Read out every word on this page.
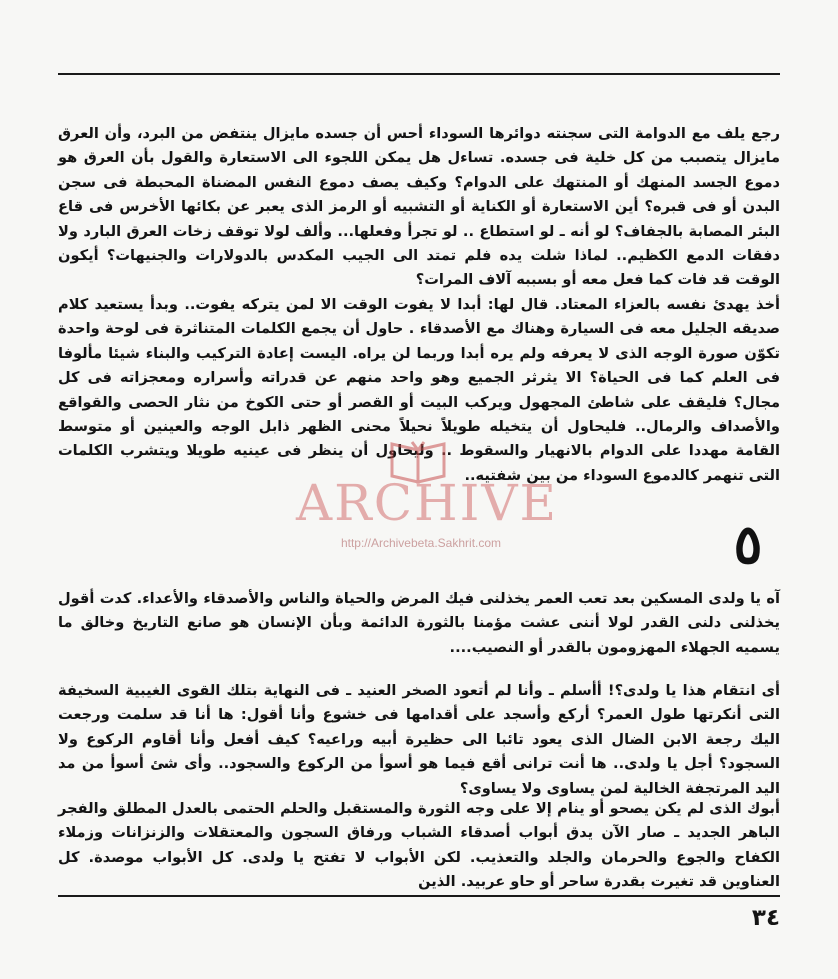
رجع يلف مع الدوامة التى سجنته دوائرها السوداء أحس أن جسده مايزال ينتفض من البرد، وأن العرق مايزال يتصبب من كل خلية فى جسده. تساءل هل يمكن اللجوء الى الاستعارة والقول بأن العرق هو دموع الجسد المنهك أو المنتهك على الدوام؟ وكيف يصف دموع النفس المضناة المحبطة فى سجن البدن أو فى قبره؟ أين الاستعارة أو الكناية أو التشبيه أو الرمز الذى يعبر عن بكائها الأخرس فى قاع البئر المصابة بالجفاف؟ لو أنه ـ لو استطاع .. لو تجرأ وفعلها... وألف لولا توقف زخات العرق البارد ولا دفقات الدمع الكظيم.. لماذا شلت يده فلم تمتد الى الجيب المكدس بالدولارات والجنيهات؟ أيكون الوقت قد فات كما فعل معه أو بسببه آلاف المرات؟

أخذ يهدئ نفسه بالعزاء المعتاد. قال لها: أبدا لا يفوت الوقت الا لمن يتركه يفوت.. وبدأ يستعيد كلام صديقه الجليل معه فى السيارة وهناك مع الأصدقاء . حاول أن يجمع الكلمات المتناثرة فى لوحة واحدة تكوّن صورة الوجه الذى لا يعرفه ولم يره أبدا وربما لن يراه. اليست إعادة التركيب والبناء شيئا مألوفا فى العلم كما فى الحياة؟ الا يثرثر الجميع وهو واحد منهم عن قدراته وأسراره ومعجزاته فى كل مجال؟ فليقف على شاطئ المجهول ويركب البيت أو القصر أو حتى الكوخ من نثار الحصى والقواقع والأصداف والرمال.. فليحاول أن يتخيله طويلاً نحيلاً محنى الظهر ذابل الوجه والعينين أو متوسط القامة مهددا على الدوام بالانهيار والسقوط .. وليحاول أن ينظر فى عينيه طويلا ويتشرب الكلمات التى تنهمر كالدموع السوداء من بين شفتيه..

ARCHIVE
http://Archivebeta.Sakhrit.com	٥

آه يا ولدى المسكين بعد تعب العمر يخذلنى فيك المرض والحياة والناس والأصدقاء والأعداء. كدت أقول يخذلنى دلنى القدر لولا أننى عشت مؤمنا بالثورة الدائمة وبأن الإنسان هو صانع التاريخ وخالق ما يسميه الجهلاء المهزومون بالقدر أو النصيب....

أى انتقام هذا يا ولدى؟! أأسلم ـ وأنا لم أتعود الصخر العنيد ـ فى النهاية بتلك القوى الغيبية السخيفة التى أنكرتها طول العمر؟ أركع وأسجد على أقدامها فى خشوع وأنا أقول: ها أنا قد سلمت ورجعت اليك رجعة الابن الضال الذى يعود تائبا الى حظيرة أبيه وراعيه؟ كيف أفعل وأنا أقاوم الركوع ولا السجود؟ أجل يا ولدى.. ها أنت ترانى أقع فيما هو أسوأ من الركوع والسجود.. وأى شئ أسوأ من مد اليد المرتجفة الخالية لمن يساوى ولا يساوى؟

أبوك الذى لم يكن يصحو أو ينام إلا على وجه الثورة والمستقبل والحلم الحتمى بالعدل المطلق والفجر الباهر الجديد ـ صار الآن يدق أبواب أصدقاء الشباب ورفاق السجون والمعتقلات والزنزانات وزملاء الكفاح والجوع والحرمان والجلد والتعذيب. لكن الأبواب لا تفتح يا ولدى. كل الأبواب موصدة. كل العناوين قد تغيرت بقدرة ساحر أو حاو عربيد. الذين

٣٤
